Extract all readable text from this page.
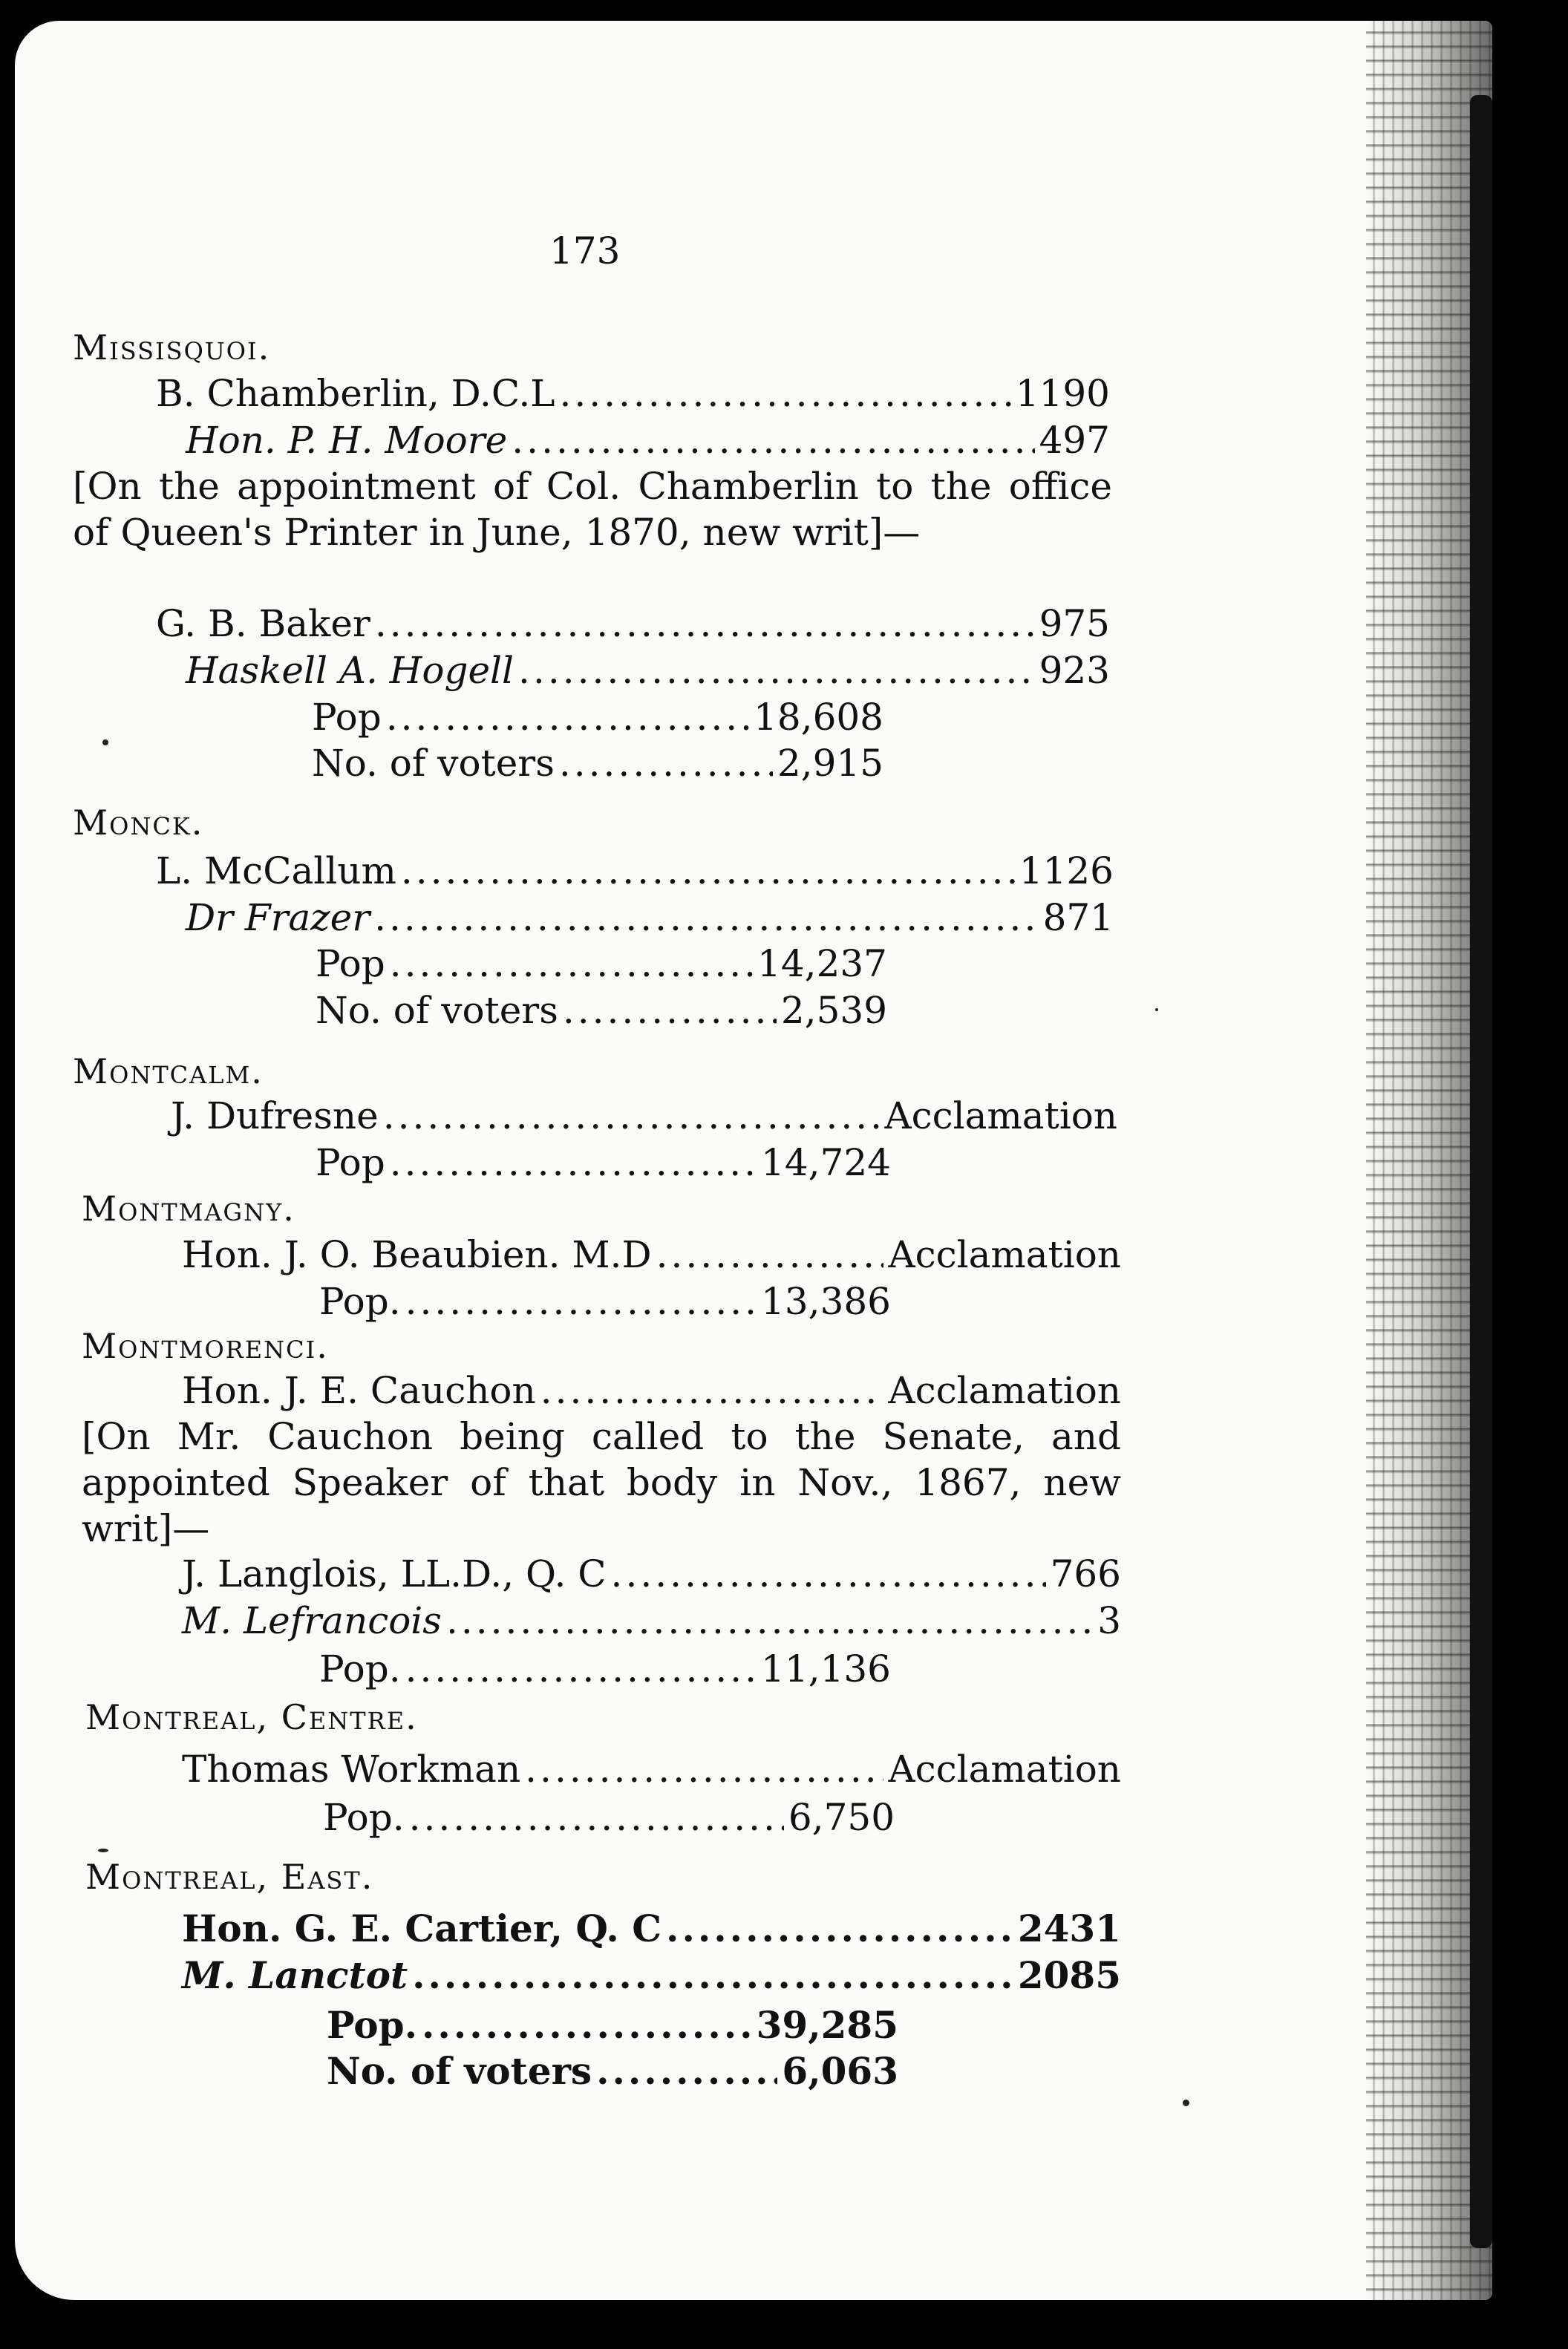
173
Missisquoi.
B. Chamberlin, D.C.L .....	1190
Hon. P. H. Moore .....	497
[On the appointment of Col. Chamberlin to the office of Queen's Printer in June, 1870, new writ]—
G. B. Baker .....	975
Haskell A. Hogell .....	923
Pop .....	18,608
No. of voters .....	2,915
Monck.
L. McCallum .....	1126
Dr Frazer .....	871
Pop .....	14,237
No. of voters .....	2,539
Montcalm.
J. Dufresne .....	Acclamation
Pop .....	14,724
Montmagny.
Hon. J. O. Beaubien. M.D .....	Acclamation
Pop. .....	13,386
Montmorenci.
Hon. J. E. Cauchon .....	Acclamation
[On Mr. Cauchon being called to the Senate, and appointed Speaker of that body in Nov., 1867, new writ]—
J. Langlois, LL.D., Q. C .....	766
M. Lefrancois .....	3
Pop. .....	11,136
Montreal, Centre.
Thomas Workman .....	Acclamation
Pop. .....	6,750
Montreal, East.
Hon. G. E. Cartier, Q. C .....	2431
M. Lanctot .....	2085
Pop. .....	39,285
No. of voters .....	6,063
